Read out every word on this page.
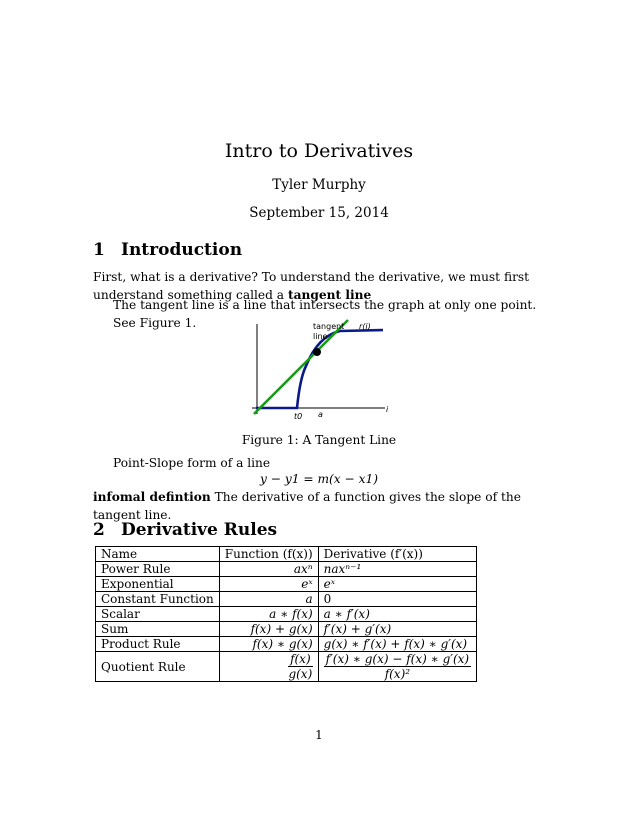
Intro to Derivatives
Tyler Murphy
September 15, 2014
1 Introduction
First, what is a derivative? To understand the derivative, we must first understand something called a tangent line
The tangent line is a line that intersects the graph at only one point. See Figure 1.	tangent
line
r(i)
i
t0 a
Figure 1: A Tangent Line
Point-Slope form of a line
y − y1 = m(x − x1)
infomal defintion The derivative of a function gives the slope of the tangent line.
2 Derivative Rules
Name	Function (f(x))	Derivative (f′(x))
Power Rule	axⁿ	naxⁿ⁻¹
Exponential	eˣ	eˣ
Constant Function	a	0
Scalar	a ∗ f(x)	a ∗ f′(x)
Sum	f(x) + g(x)	f′(x) + g′(x)
Product Rule	f(x) ∗ g(x)	g(x) ∗ f′(x) + f(x) ∗ g′(x)
Quotient Rule	$\frac{f(x)}{g(x)}$	$\frac{f'(x) ∗ g(x) - f(x) ∗ g'(x)}{\text{f(x)²}}$
1
